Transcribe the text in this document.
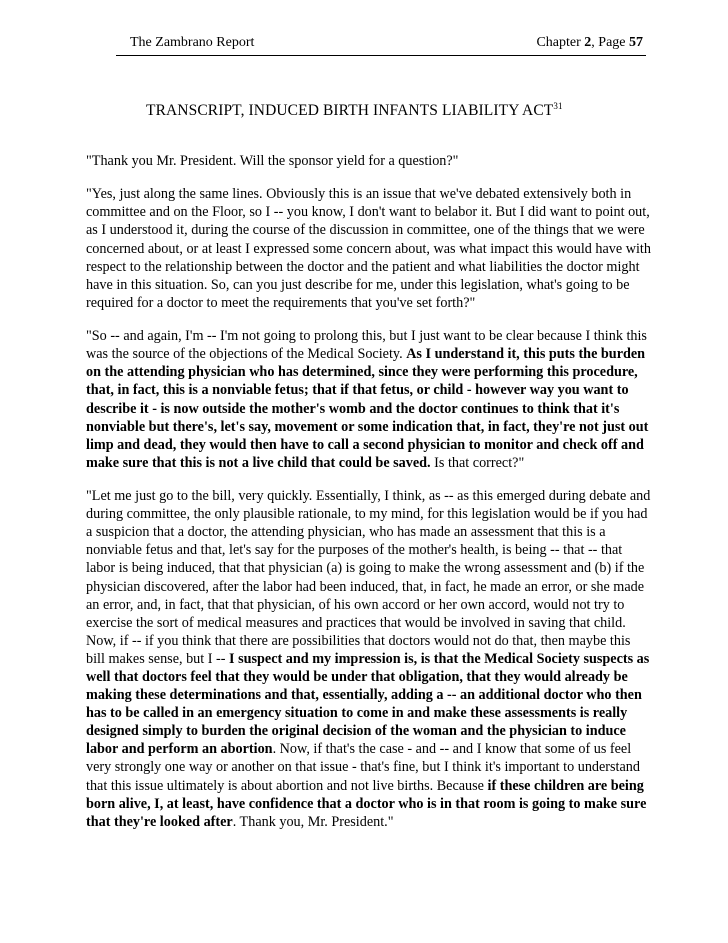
The Zambrano Report	Chapter 2, Page 57
TRANSCRIPT, INDUCED BIRTH INFANTS LIABILITY ACT$^{31}$

"Thank you Mr. President. Will the sponsor yield for a question?"

"Yes, just along the same lines. Obviously this is an issue that we've debated extensively both in committee and on the Floor, so I -- you know, I don't want to belabor it. But I did want to point out, as I understood it, during the course of the discussion in committee, one of the things that we were concerned about, or at least I expressed some concern about, was what impact this would have with respect to the relationship between the doctor and the patient and what liabilities the doctor might have in this situation. So, can you just describe for me, under this legislation, what's going to be required for a doctor to meet the requirements that you've set forth?"

"So -- and again, I'm -- I'm not going to prolong this, but I just want to be clear because I think this was the source of the objections of the Medical Society. As I understand it, this puts the burden on the attending physician who has determined, since they were performing this procedure, that, in fact, this is a nonviable fetus; that if that fetus, or child - however way you want to describe it - is now outside the mother's womb and the doctor continues to think that it's nonviable but there's, let's say, movement or some indication that, in fact, they're not just out limp and dead, they would then have to call a second physician to monitor and check off and make sure that this is not a live child that could be saved. Is that correct?"

"Let me just go to the bill, very quickly. Essentially, I think, as -- as this emerged during debate and during committee, the only plausible rationale, to my mind, for this legislation would be if you had a suspicion that a doctor, the attending physician, who has made an assessment that this is a nonviable fetus and that, let's say for the purposes of the mother's health, is being -- that -- that labor is being induced, that that physician (a) is going to make the wrong assessment and (b) if the physician discovered, after the labor had been induced, that, in fact, he made an error, or she made an error, and, in fact, that that physician, of his own accord or her own accord, would not try to exercise the sort of medical measures and practices that would be involved in saving that child. Now, if -- if you think that there are possibilities that doctors would not do that, then maybe this bill makes sense, but I -- I suspect and my impression is, is that the Medical Society suspects as well that doctors feel that they would be under that obligation, that they would already be making these determinations and that, essentially, adding a -- an additional doctor who then has to be called in an emergency situation to come in and make these assessments is really designed simply to burden the original decision of the woman and the physician to induce labor and perform an abortion. Now, if that's the case - and -- and I know that some of us feel very strongly one way or another on that issue - that's fine, but I think it's important to understand that this issue ultimately is about abortion and not live births. Because if these children are being born alive, I, at least, have confidence that a doctor who is in that room is going to make sure that they're looked after. Thank you, Mr. President."
